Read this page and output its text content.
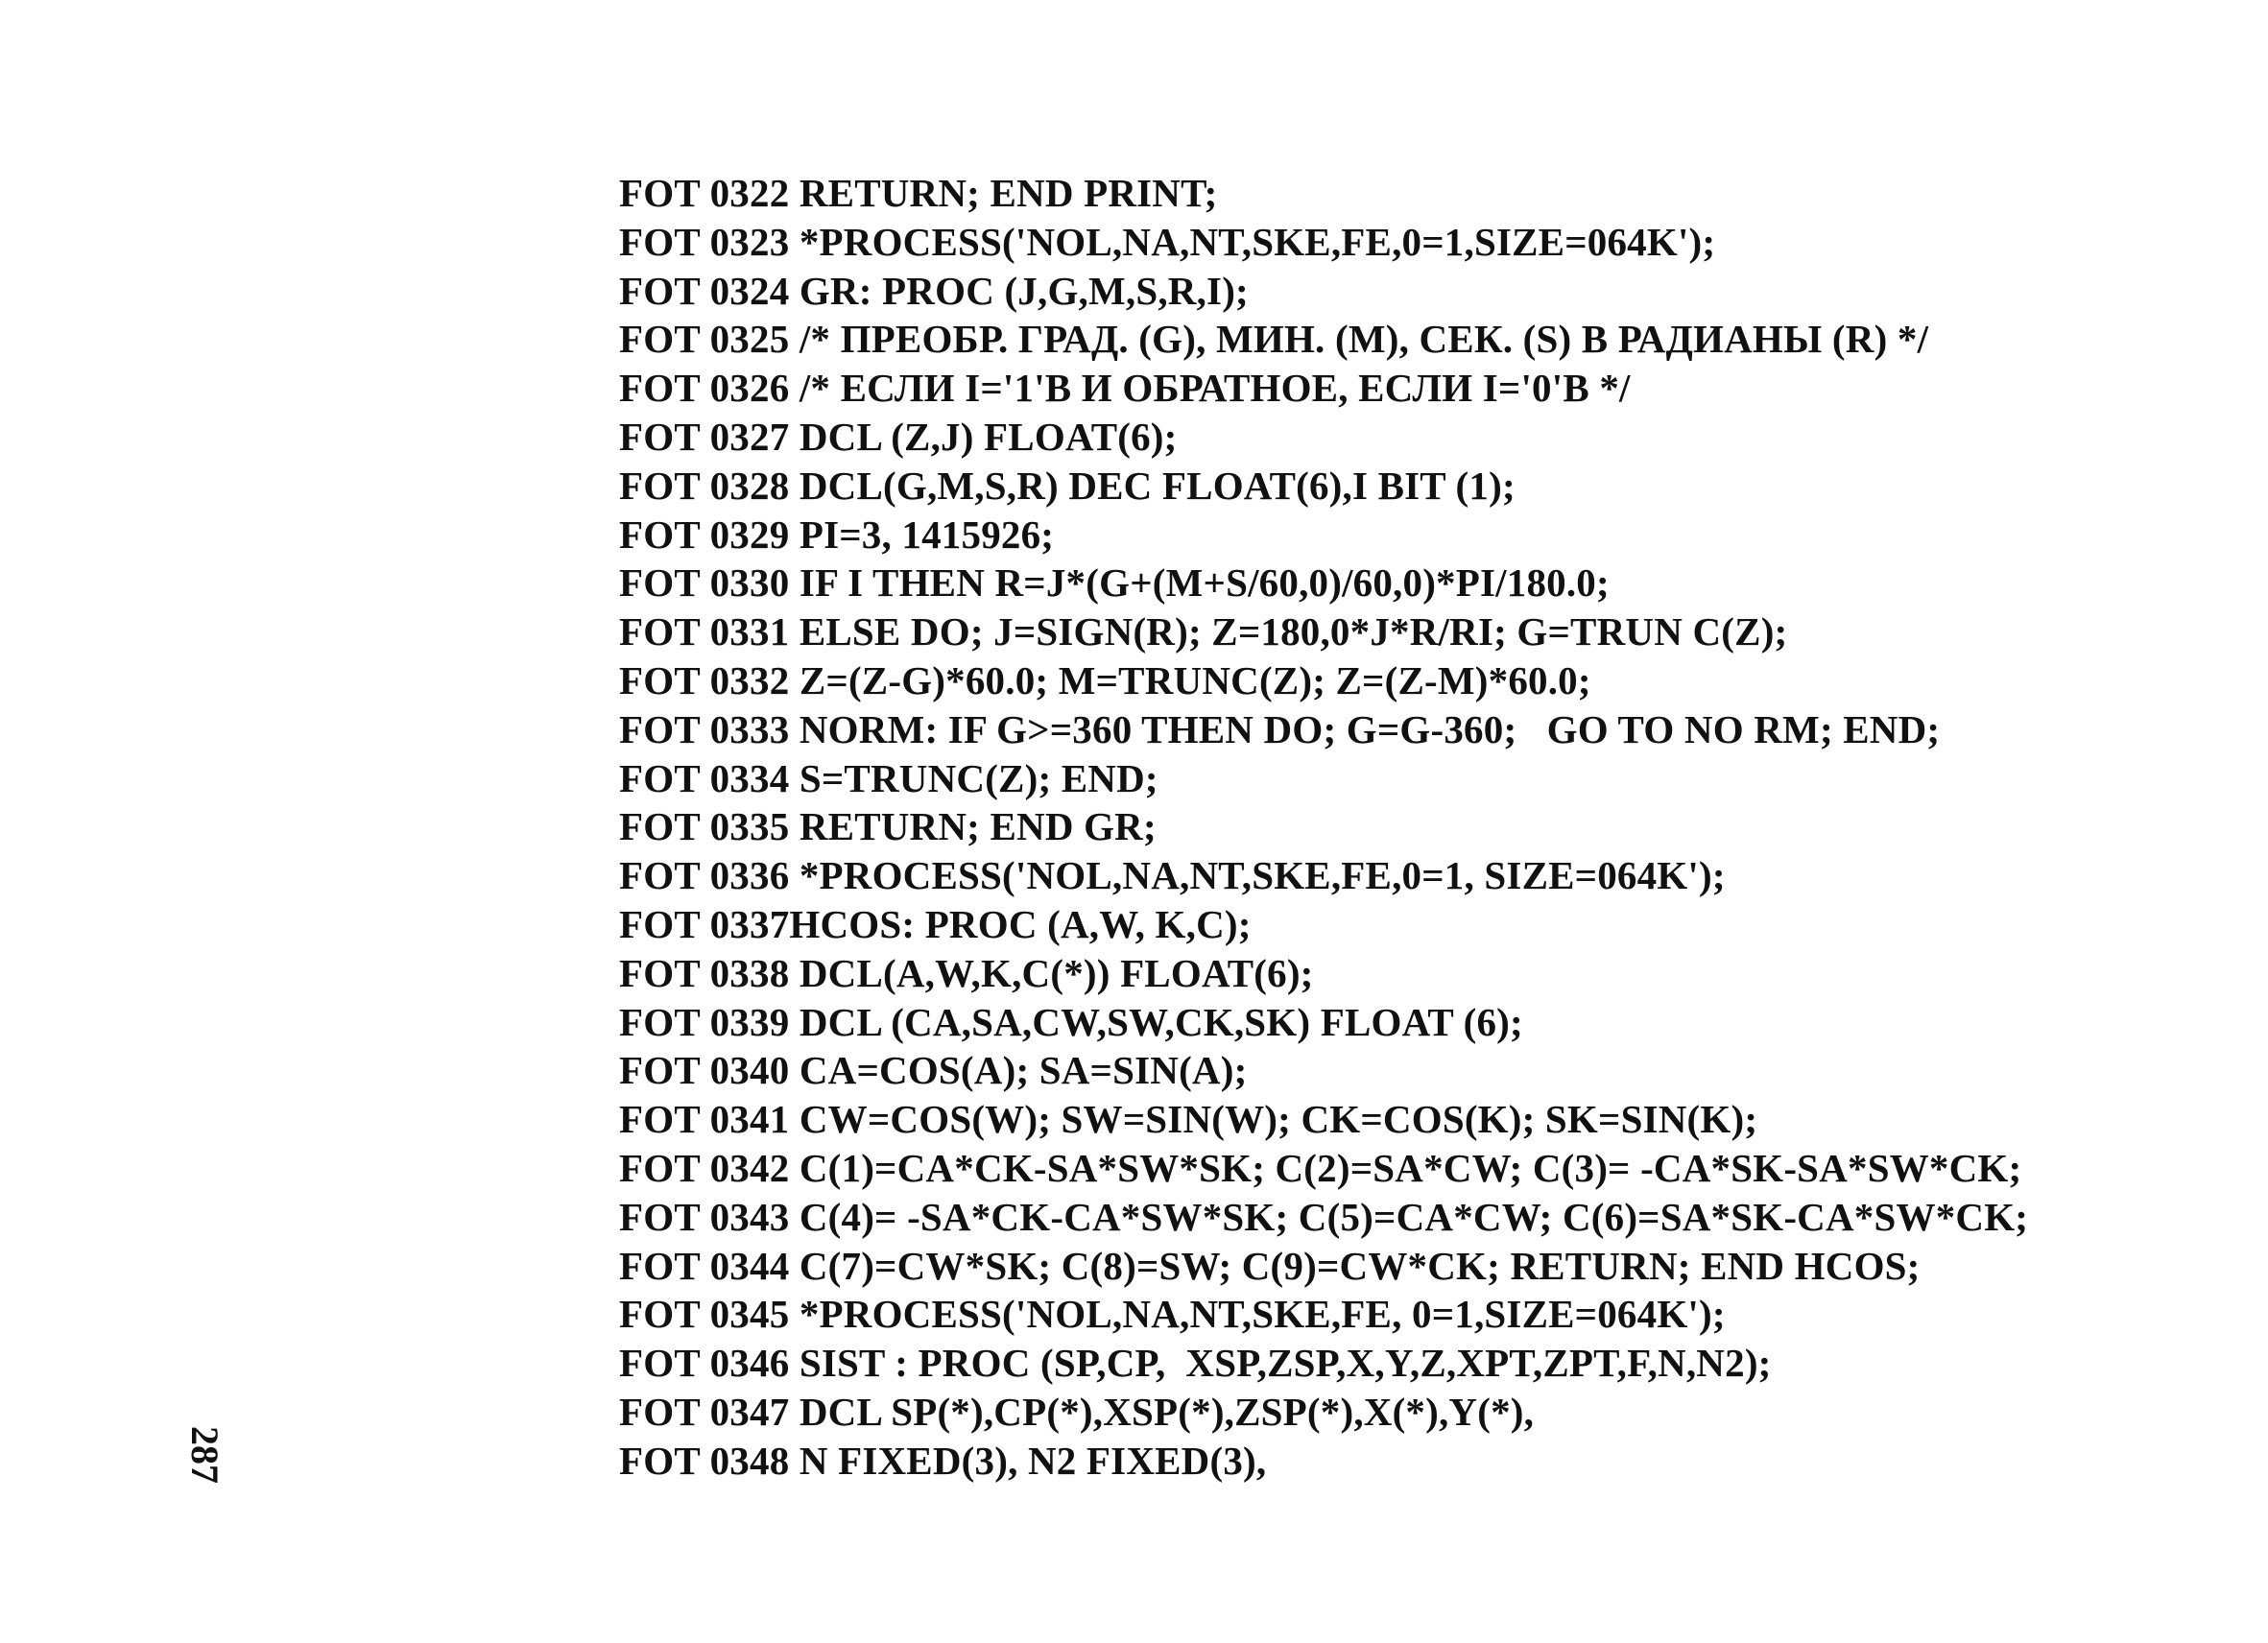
FOT 0322 RETURN; END PRINT;
FOT 0323 *PROCESS('NOL,NA,NT,SKE,FE,0=1,SIZE=064K');
FOT 0324 GR: PROC (J,G,M,S,R,I);
FOT 0325 /* ПРЕОБР. ГРАД. (G), МИН. (M), СЕК. (S) В РАДИАНЫ (R) */
FOT 0326 /* ЕСЛИ I='1'B И ОБРАТНОЕ, ЕСЛИ I='0'B */
FOT 0327 DCL (Z,J) FLOAT(6);
FOT 0328 DCL(G,M,S,R) DEC FLOAT(6),I BIT (1);
FOT 0329 PI=3, 1415926;
FOT 0330 IF I THEN R=J*(G+(M+S/60,0)/60,0)*PI/180.0;
FOT 0331 ELSE DO; J=SIGN(R); Z=180,0*J*R/RI; G=TRUN C(Z);
FOT 0332 Z=(Z-G)*60.0; M=TRUNC(Z); Z=(Z-M)*60.0;
FOT 0333 NORM: IF G>=360 THEN DO; G=G-360;   GO TO NO RM; END;
FOT 0334 S=TRUNC(Z); END;
FOT 0335 RETURN; END GR;
FOT 0336 *PROCESS('NOL,NA,NT,SKE,FE,0=1, SIZE=064K');
FOT 0337HCOS: PROC (A,W, K,C);
FOT 0338 DCL(A,W,K,C(*)) FLOAT(6);
FOT 0339 DCL (CA,SA,CW,SW,CK,SK) FLOAT (6);
FOT 0340 CA=COS(A); SA=SIN(A);
FOT 0341 CW=COS(W); SW=SIN(W); CK=COS(K); SK=SIN(K);
FOT 0342 C(1)=CA*CK-SA*SW*SK; C(2)=SA*CW; C(3)= -CA*SK-SA*SW*CK;
FOT 0343 C(4)= -SA*CK-CA*SW*SK; C(5)=CA*CW; C(6)=SA*SK-CA*SW*CK;
FOT 0344 C(7)=CW*SK; C(8)=SW; C(9)=CW*CK; RETURN; END HCOS;
FOT 0345 *PROCESS('NOL,NA,NT,SKE,FE, 0=1,SIZE=064K');
FOT 0346 SIST : PROC (SP,CP,  XSP,ZSP,X,Y,Z,XPT,ZPT,F,N,N2);
FOT 0347 DCL SP(*),CP(*),XSP(*),ZSP(*),X(*),Y(*),
FOT 0348 N FIXED(3), N2 FIXED(3),
287
